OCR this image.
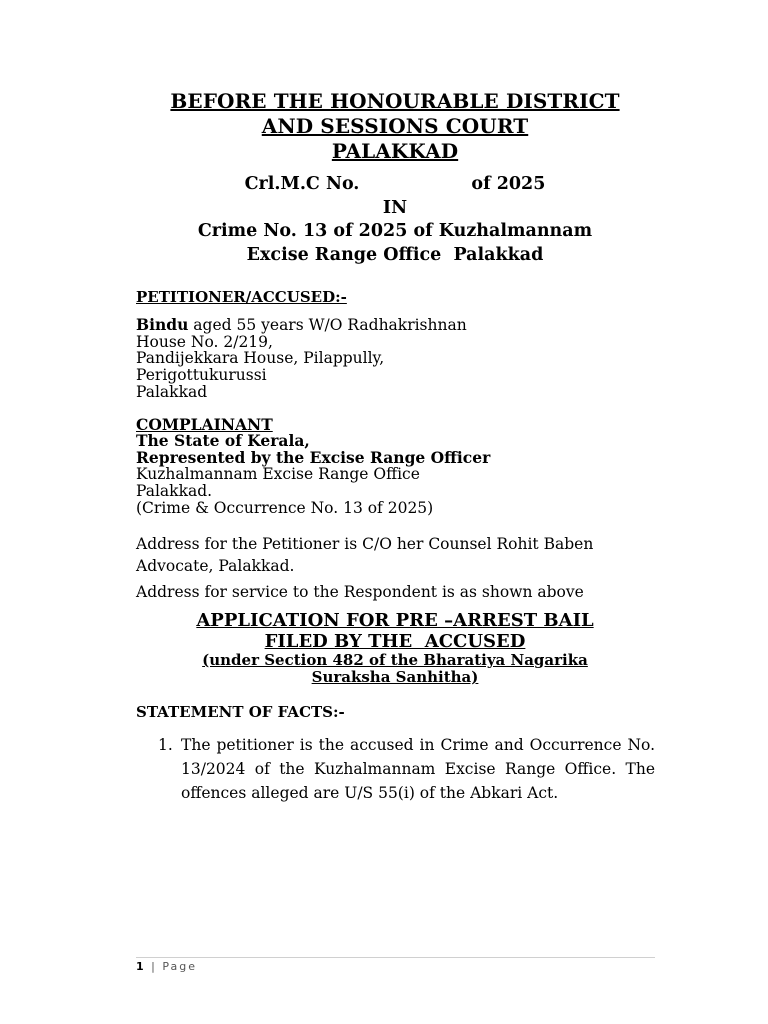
BEFORE THE HONOURABLE DISTRICT
AND SESSIONS COURT
PALAKKAD
Crl.M.C No.	of 2025
IN
Crime No. 13 of 2025 of Kuzhalmannam
Excise Range Office  Palakkad
PETITIONER/ACCUSED:-
Bindu aged 55 years W/O Radhakrishnan
House No. 2/219,
Pandijekkara House, Pilappully,
Perigottukurussi
Palakkad
COMPLAINANT
The State of Kerala,
Represented by the Excise Range Officer
Kuzhalmannam Excise Range Office
Palakkad.
(Crime & Occurrence No. 13 of 2025)
Address for the Petitioner is C/O her Counsel Rohit Baben Advocate, Palakkad.
Address for service to the Respondent is as shown above
APPLICATION FOR PRE –ARREST BAIL
FILED BY THE  ACCUSED
(under Section 482 of the Bharatiya Nagarika
Suraksha Sanhitha)
STATEMENT OF FACTS:-
1. The petitioner is the accused in Crime and Occurrence No. 13/2024 of the Kuzhalmannam Excise Range Office. The offences alleged are U/S 55(i) of the Abkari Act.
1 | Page
